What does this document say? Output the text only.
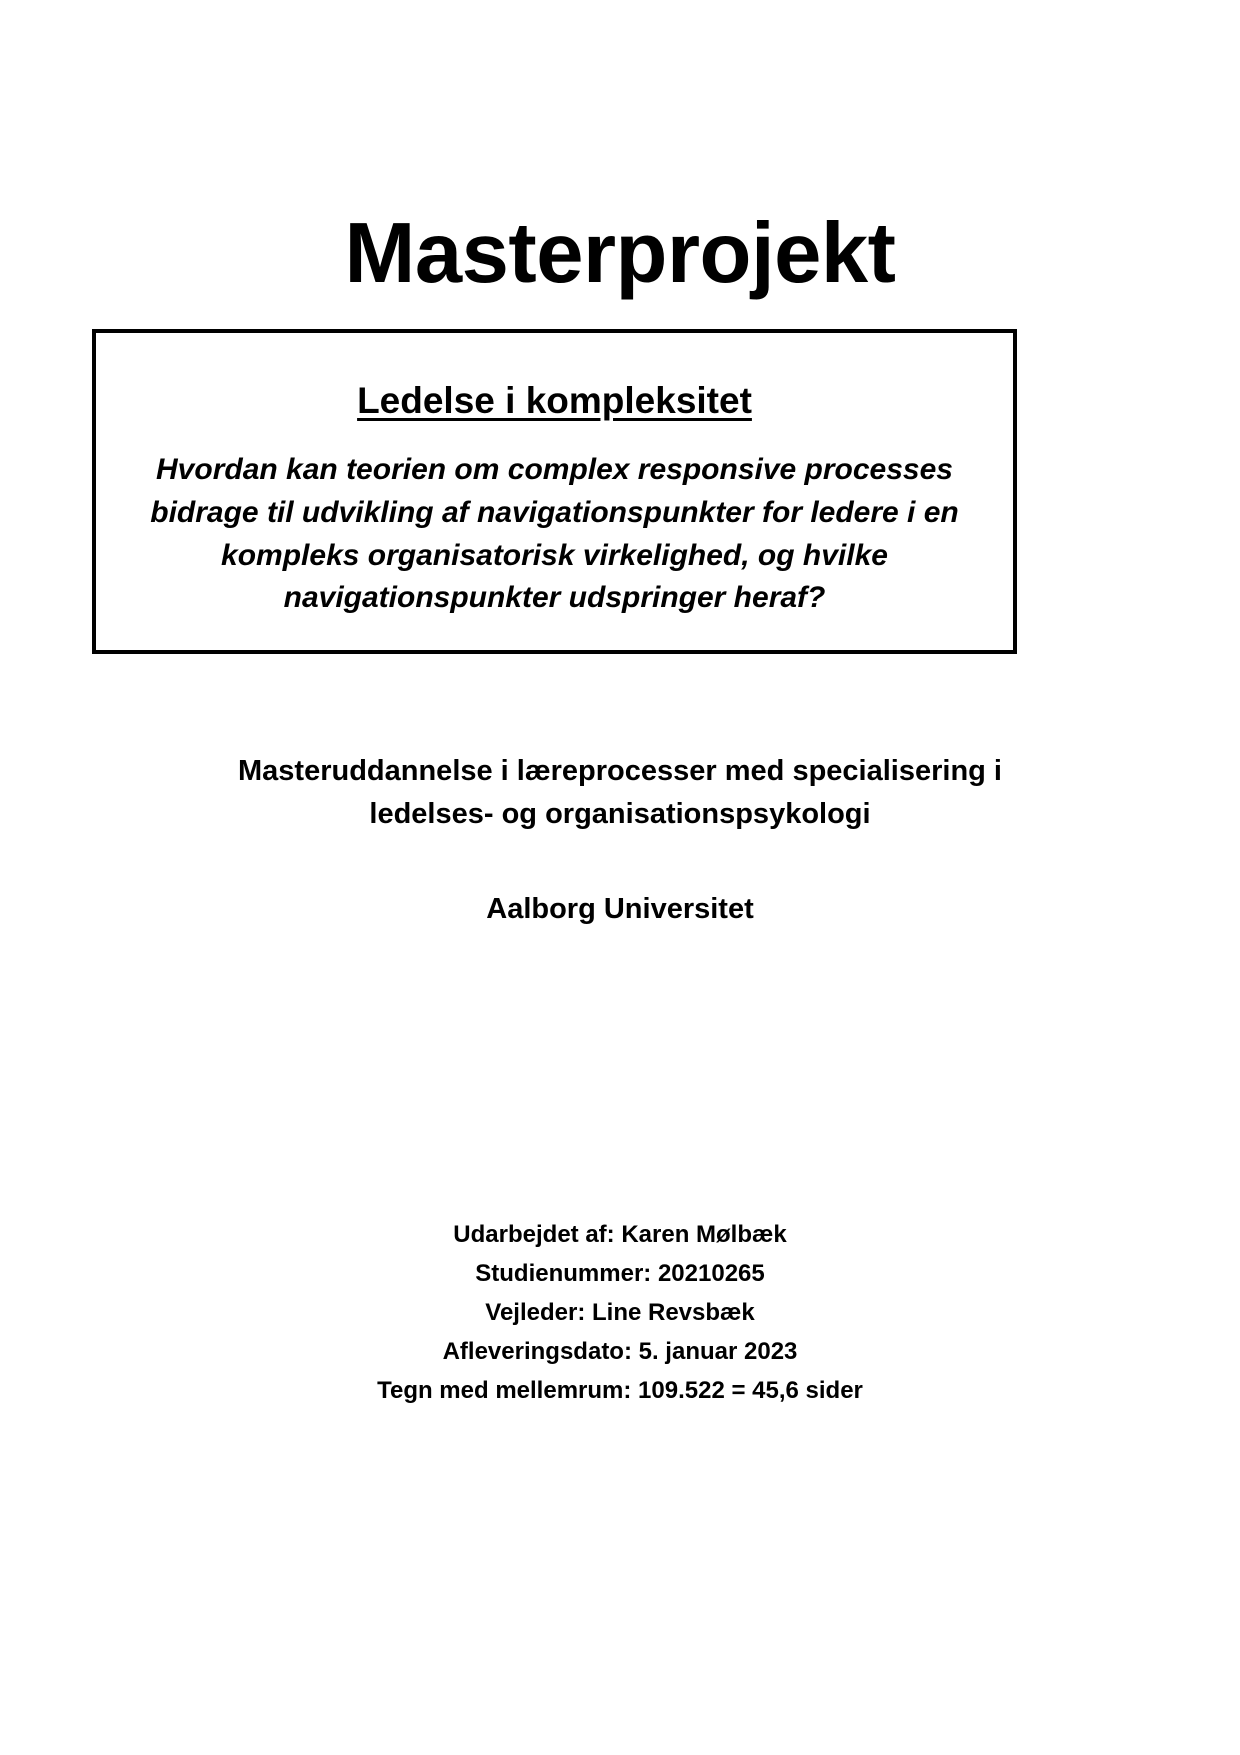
Masterprojekt
Ledelse i kompleksitet
Hvordan kan teorien om complex responsive processes bidrage til udvikling af navigationspunkter for ledere i en kompleks organisatorisk virkelighed, og hvilke navigationspunkter udspringer heraf?
Masteruddannelse i læreprocesser med specialisering i
ledelses- og organisationspsykologi
Aalborg Universitet
Udarbejdet af: Karen Mølbæk
Studienummer: 20210265
Vejleder: Line Revsbæk
Afleveringsdato: 5. januar 2023
Tegn med mellemrum: 109.522 = 45,6 sider
